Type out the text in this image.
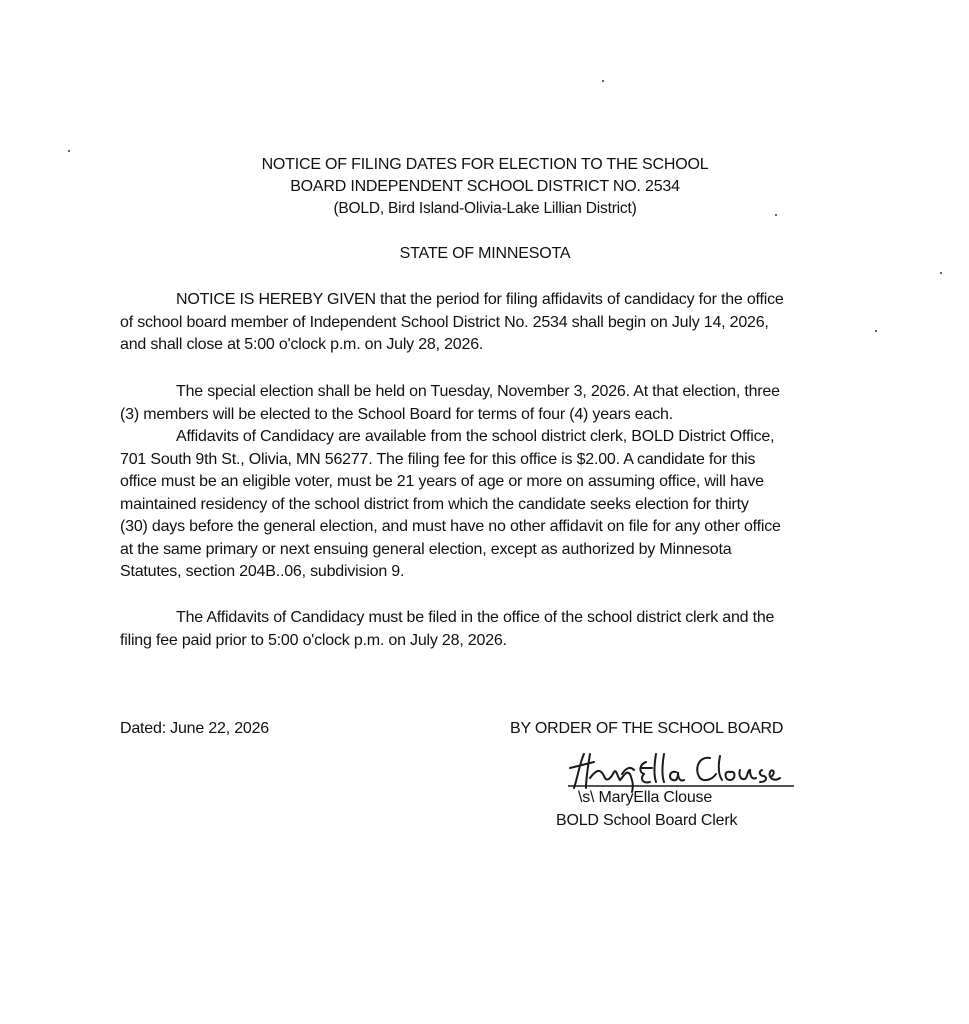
NOTICE OF FILING DATES FOR ELECTION TO THE SCHOOL
BOARD INDEPENDENT SCHOOL DISTRICT NO. 2534
(BOLD, Bird Island-Olivia-Lake Lillian District)
STATE OF MINNESOTA

NOTICE IS HEREBY GIVEN that the period for filing affidavits of candidacy for the office
of school board member of Independent School District No. 2534 shall begin on July 14, 2026,
and shall close at 5:00 o'clock p.m. on July 28, 2026.

The special election shall be held on Tuesday, November 3, 2026. At that election, three
(3) members will be elected to the School Board for terms of four (4) years each.
Affidavits of Candidacy are available from the school district clerk, BOLD District Office,
701 South 9th St., Olivia, MN 56277. The filing fee for this office is $2.00. A candidate for this
office must be an eligible voter, must be 21 years of age or more on assuming office, will have
maintained residency of the school district from which the candidate seeks election for thirty
(30) days before the general election, and must have no other affidavit on file for any other office
at the same primary or next ensuing general election, except as authorized by Minnesota
Statutes, section 204B..06, subdivision 9.

The Affidavits of Candidacy must be filed in the office of the school district clerk and the
filing fee paid prior to 5:00 o'clock p.m. on July 28, 2026.

Dated: June 22, 2026	BY ORDER OF THE SCHOOL BOARD
\s\ MaryElla Clouse
BOLD School Board Clerk
